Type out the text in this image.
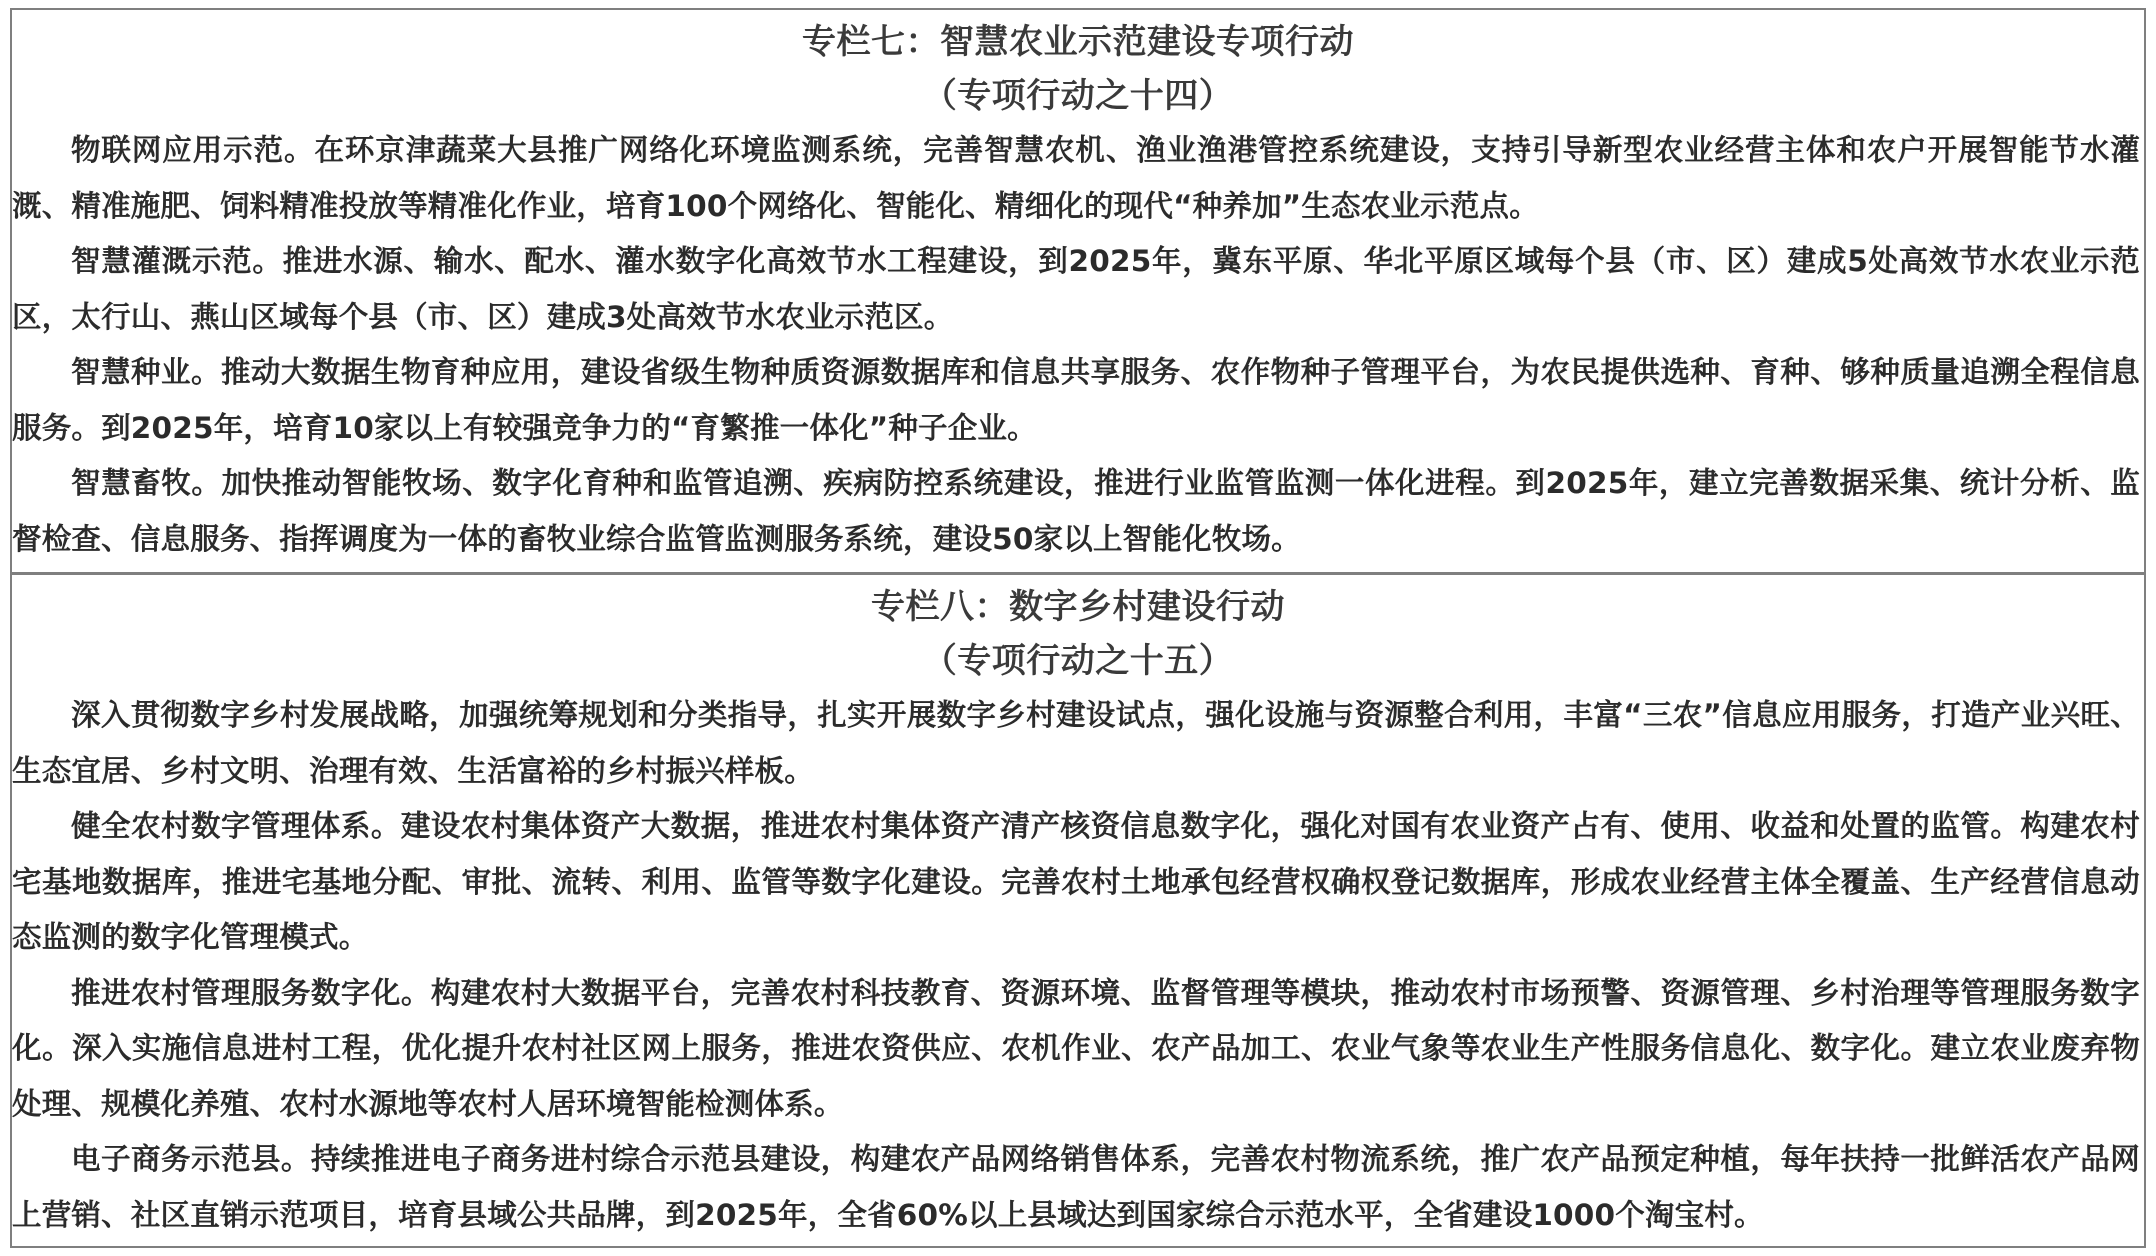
专栏七：智慧农业示范建设专项行动
（专项行动之十四）

物联网应用示范。在环京津蔬菜大县推广网络化环境监测系统，完善智慧农机、渔业渔港管控系统建设，支持引导新型农业经营主体和农户开展智能节水灌溉、精准施肥、饲料精准投放等精准化作业，培育100个网络化、智能化、精细化的现代“种养加”生态农业示范点。

智慧灌溉示范。推进水源、输水、配水、灌水数字化高效节水工程建设，到2025年，冀东平原、华北平原区域每个县（市、区）建成5处高效节水农业示范区，太行山、燕山区域每个县（市、区）建成3处高效节水农业示范区。

智慧种业。推动大数据生物育种应用，建设省级生物种质资源数据库和信息共享服务、农作物种子管理平台，为农民提供选种、育种、够种质量追溯全程信息服务。到2025年，培育10家以上有较强竞争力的“育繁推一体化”种子企业。

智慧畜牧。加快推动智能牧场、数字化育种和监管追溯、疾病防控系统建设，推进行业监管监测一体化进程。到2025年，建立完善数据采集、统计分析、监督检查、信息服务、指挥调度为一体的畜牧业综合监管监测服务系统，建设50家以上智能化牧场。

专栏八：数字乡村建设行动
（专项行动之十五）

深入贯彻数字乡村发展战略，加强统筹规划和分类指导，扎实开展数字乡村建设试点，强化设施与资源整合利用，丰富“三农”信息应用服务，打造产业兴旺、生态宜居、乡村文明、治理有效、生活富裕的乡村振兴样板。

健全农村数字管理体系。建设农村集体资产大数据，推进农村集体资产清产核资信息数字化，强化对国有农业资产占有、使用、收益和处置的监管。构建农村宅基地数据库，推进宅基地分配、审批、流转、利用、监管等数字化建设。完善农村土地承包经营权确权登记数据库，形成农业经营主体全覆盖、生产经营信息动态监测的数字化管理模式。

推进农村管理服务数字化。构建农村大数据平台，完善农村科技教育、资源环境、监督管理等模块，推动农村市场预警、资源管理、乡村治理等管理服务数字化。深入实施信息进村工程，优化提升农村社区网上服务，推进农资供应、农机作业、农产品加工、农业气象等农业生产性服务信息化、数字化。建立农业废弃物处理、规模化养殖、农村水源地等农村人居环境智能检测体系。

电子商务示范县。持续推进电子商务进村综合示范县建设，构建农产品网络销售体系，完善农村物流系统，推广农产品预定种植，每年扶持一批鲜活农产品网上营销、社区直销示范项目，培育县域公共品牌，到2025年，全省60%以上县域达到国家综合示范水平，全省建设1000个淘宝村。
